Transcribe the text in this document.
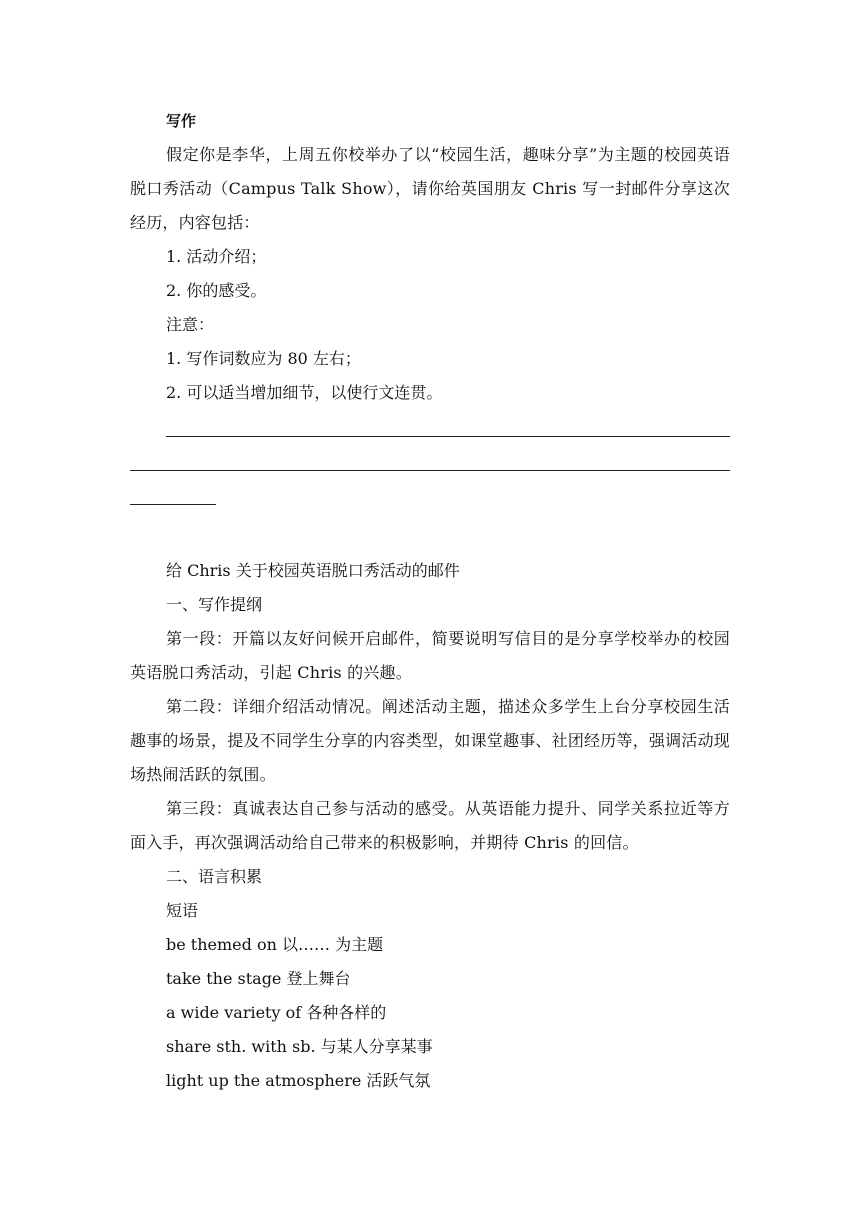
写作

假定你是李华，上周五你校举办了以“校园生活，趣味分享”为主题的校园英语脱口秀活动（Campus Talk Show），请你给英国朋友 Chris 写一封邮件分享这次经历，内容包括：

1. 活动介绍；

2. 你的感受。

注意：

1. 写作词数应为 80 左右；

2. 可以适当增加细节，以使行文连贯。

给 Chris 关于校园英语脱口秀活动的邮件

一、写作提纲

第一段：开篇以友好问候开启邮件，简要说明写信目的是分享学校举办的校园英语脱口秀活动，引起 Chris 的兴趣。

第二段：详细介绍活动情况。阐述活动主题，描述众多学生上台分享校园生活趣事的场景，提及不同学生分享的内容类型，如课堂趣事、社团经历等，强调活动现场热闹活跃的氛围。

第三段：真诚表达自己参与活动的感受。从英语能力提升、同学关系拉近等方面入手，再次强调活动给自己带来的积极影响，并期待 Chris 的回信。

二、语言积累

短语

be themed on 以…… 为主题

take the stage 登上舞台

a wide variety of 各种各样的

share sth. with sb. 与某人分享某事

light up the atmosphere 活跃气氛
